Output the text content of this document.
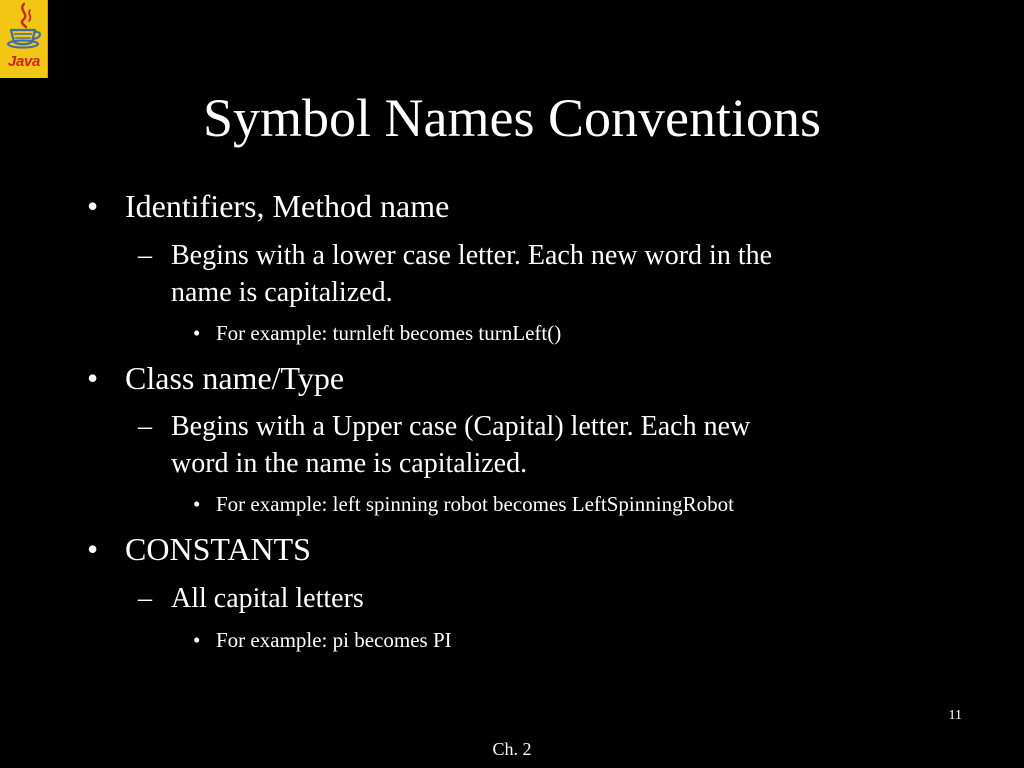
Java
Symbol Names Conventions
• Identifiers, Method name
– Begins with a lower case letter. Each new word in the
name is capitalized.
• For example: turnleft becomes turnLeft()
• Class name/Type
– Begins with a Upper case (Capital) letter. Each new
word in the name is capitalized.
• For example: left spinning robot becomes LeftSpinningRobot
• CONSTANTS
– All capital letters
• For example: pi becomes PI
11
Ch. 2
